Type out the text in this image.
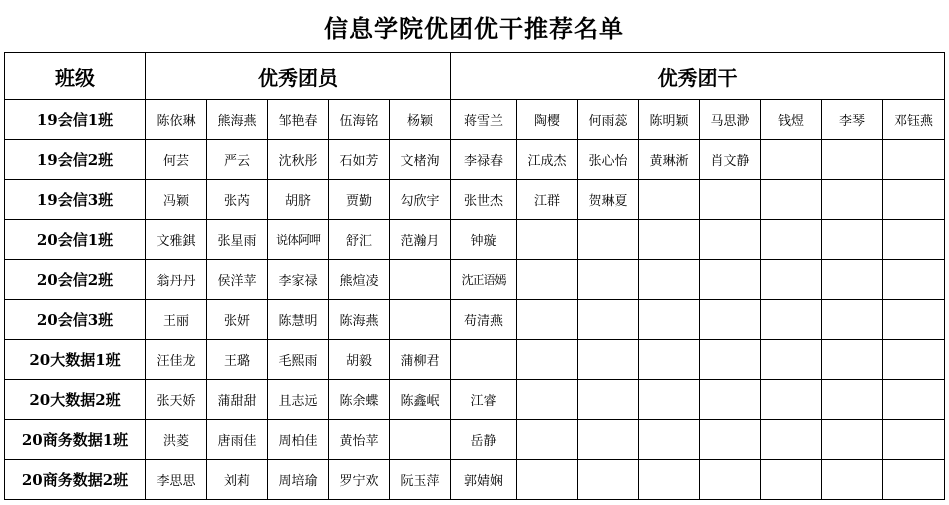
信息学院优团优干推荐名单
班级	优秀团员					优秀团干							
19会信1班	陈依琳	熊海燕	邹艳春	伍海铭	杨颖	蒋雪兰	陶樱	何雨蕊	陈明颖	马思渺	钱煜	李琴	邓钰燕
19会信2班	何芸	严云	沈秋彤	石如芳	文楮洵	李禄春	江成杰	张心怡	黄琳淅	肖文静			
19会信3班	冯颖	张芮	胡脐	贾勤	勾欣宇	张世杰	江群	贺琳夏					
20会信1班	文雅錤	张星雨	说体阿呷	舒汇	范瀚月	钟璇							
20会信2班	翁丹丹	侯洋苹	李家禄	熊煊凌		沈正语嫣							
20会信3班	王丽	张妍	陈慧明	陈海燕		苟清燕							
20大数据1班	汪佳龙	王璐	毛熙雨	胡毅	蒲柳君								
20大数据2班	张天娇	蒲甜甜	且志远	陈余蝶	陈鑫岷	江睿							
20商务数据1班	洪菱	唐雨佳	周柏佳	黄怡苹		岳静							
20商务数据2班	李思思	刘莉	周培瑜	罗宁欢	阮玉萍	郭婧娴							
